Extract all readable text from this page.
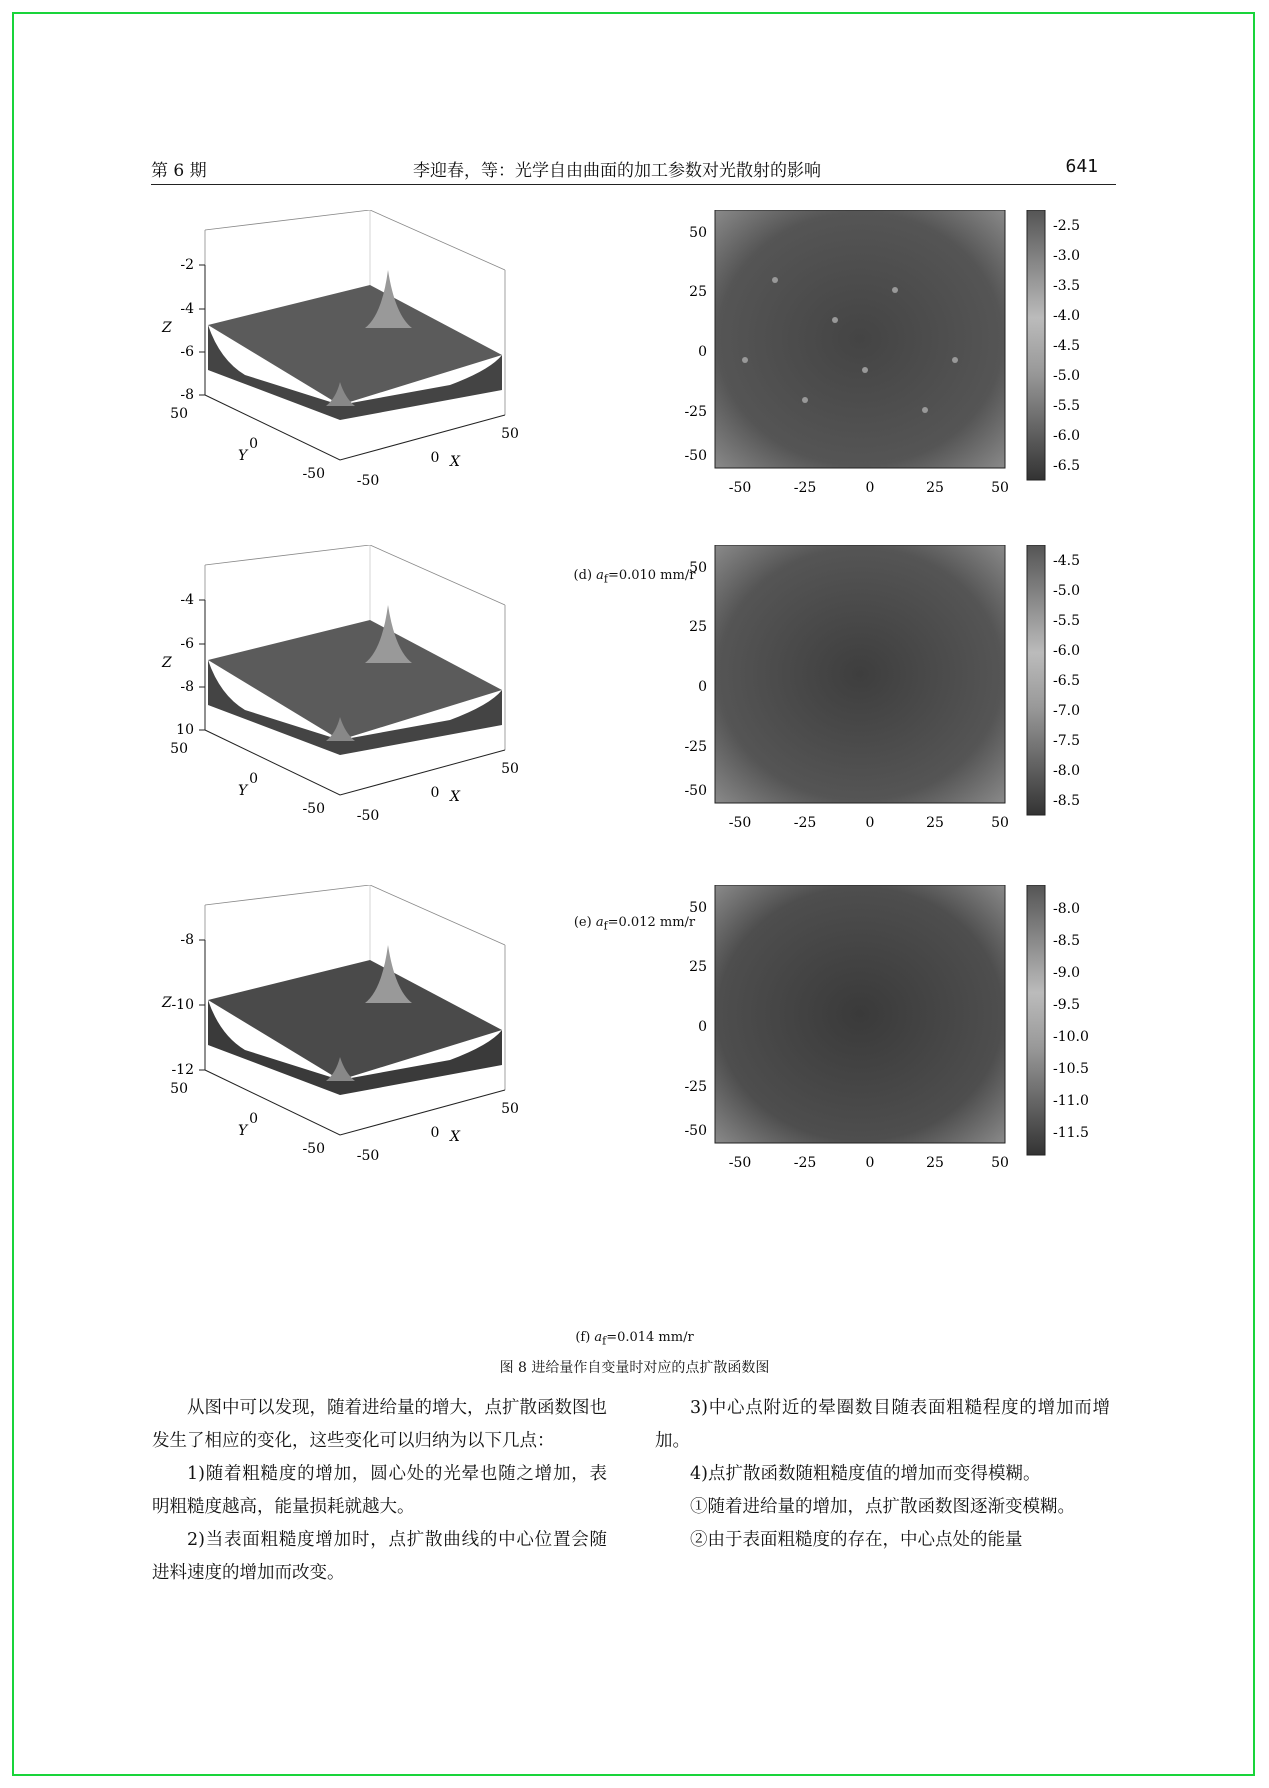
第 6 期	李迎春，等：光学自由曲面的加工参数对光散射的影响	641
-2
-4
-6
-8
Z
50
0
-50
Y
-50
0
50
X
50
25
0
-25
-50
-50	-25	0	25	50
-2.5
-3.0
-3.5
-4.0
-4.5
-5.0
-5.5
-6.0
-6.5
(d) $a_f=0.010$ mm/r
-4
-6
-8
10
Z
50
0
-50
Y
-50
0
50
X
50
25
0
-25
-50
-50	-25	0	25	50
-4.5
-5.0
-5.5
-6.0
-6.5
-7.0
-7.5
-8.0
-8.5
(e) $a_f=0.012$ mm/r
-8
-10
-12
Z
50
0
-50
Y
-50
0
50
X
50
25
0
-25
-50
-50	-25	0	25	50
-8.0
-8.5
-9.0
-9.5
-10.0
-10.5
-11.0
-11.5
(f) $a_f=0.014$ mm/r
图 8 进给量作自变量时对应的点扩散函数图

从图中可以发现，随着进给量的增大，点扩散函数图也发生了相应的变化，这些变化可以归纳为以下几点：

1)随着粗糙度的增加，圆心处的光晕也随之增加，表明粗糙度越高，能量损耗就越大。

2)当表面粗糙度增加时，点扩散曲线的中心位置会随进料速度的增加而改变。

3)中心点附近的晕圈数目随表面粗糙程度的增加而增加。

4)点扩散函数随粗糙度值的增加而变得模糊。

①随着进给量的增加，点扩散函数图逐渐变模糊。

②由于表面粗糙度的存在，中心点处的能量
